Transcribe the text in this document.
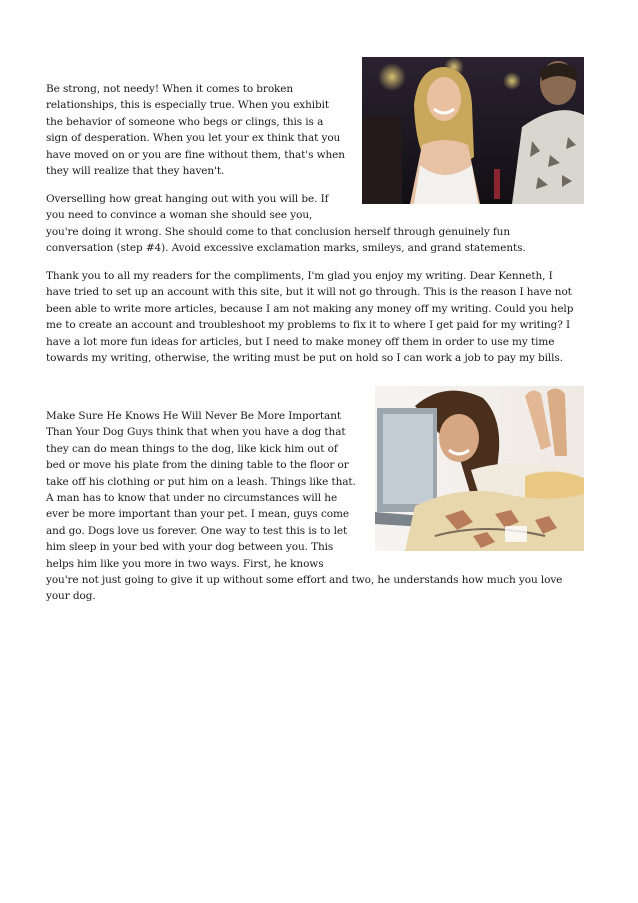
Be strong, not needy! When it comes to broken
relationships, this is especially true. When you exhibit
the behavior of someone who begs or clings, this is a
sign of desperation. When you let your ex think that you
have moved on or you are fine without them, that's when
they will realize that they haven't.

Overselling how great hanging out with you will be. If
you need to convince a woman she should see you,
you're doing it wrong. She should come to that conclusion herself through genuinely fun
conversation (step #4). Avoid excessive exclamation marks, smileys, and grand statements.

Thank you to all my readers for the compliments, I'm glad you enjoy my writing. Dear Kenneth, I
have tried to set up an account with this site, but it will not go through. This is the reason I have not
been able to write more articles, because I am not making any money off my writing. Could you help
me to create an account and troubleshoot my problems to fix it to where I get paid for my writing? I
have a lot more fun ideas for articles, but I need to make money off them in order to use my time
towards my writing, otherwise, the writing must be put on hold so I can work a job to pay my bills.

Make Sure He Knows He Will Never Be More Important
Than Your Dog Guys think that when you have a dog that
they can do mean things to the dog, like kick him out of
bed or move his plate from the dining table to the floor or
take off his clothing or put him on a leash. Things like that.
A man has to know that under no circumstances will he
ever be more important than your pet. I mean, guys come
and go. Dogs love us forever. One way to test this is to let
him sleep in your bed with your dog between you. This
helps him like you more in two ways. First, he knows
you're not just going to give it up without some effort and two, he understands how much you love
your dog.
